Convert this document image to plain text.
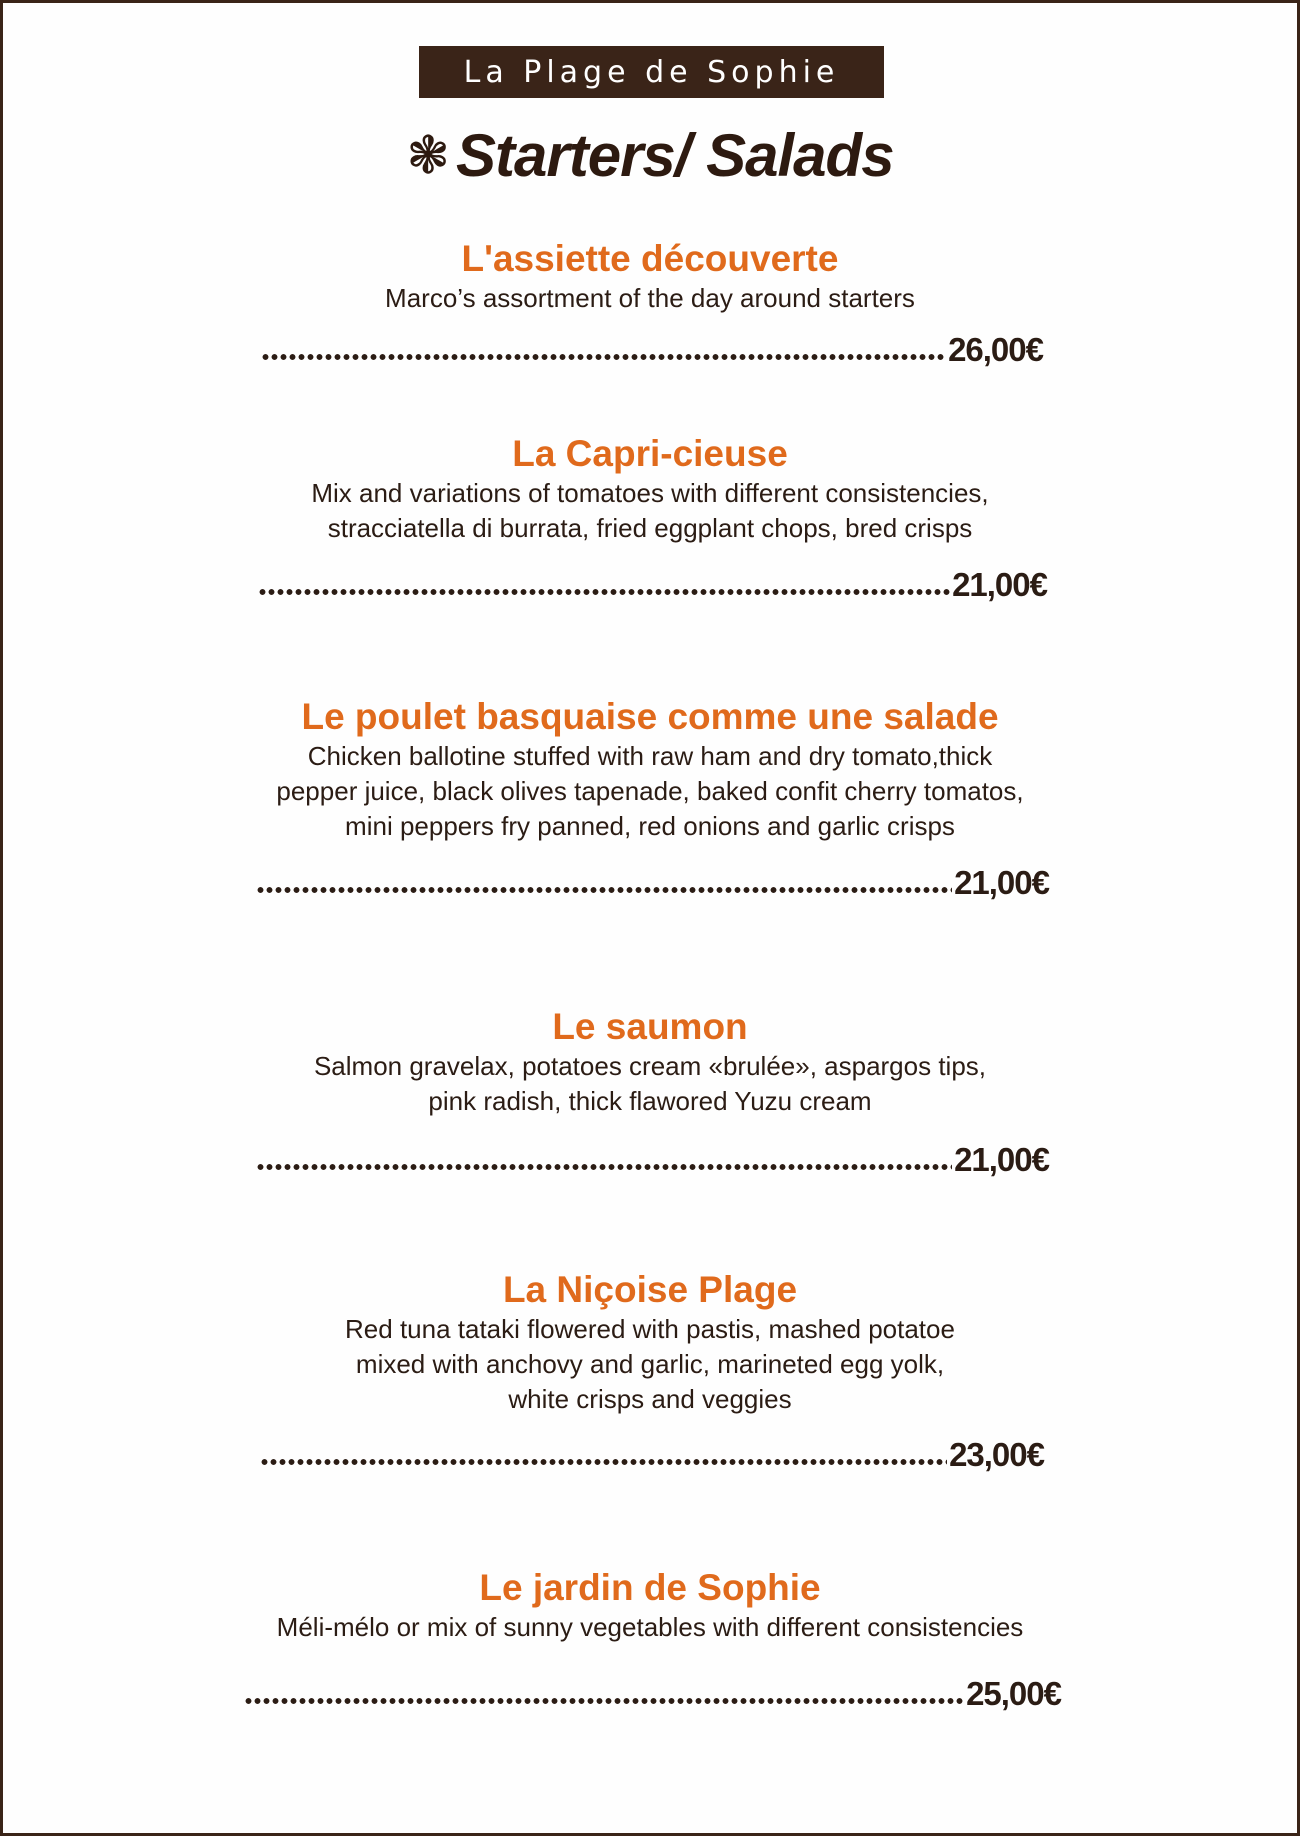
La Plage de Sophie
❃ Starters/ Salads
L'assiette découverte
Marco’s assortment of the day around starters
26,00€
La Capri-cieuse
Mix and variations of tomatoes with different consistencies,
stracciatella di burrata, fried eggplant chops, bred crisps
21,00€
Le poulet basquaise comme une salade
Chicken ballotine stuffed with raw ham and dry tomato,thick
pepper juice, black olives tapenade, baked confit cherry tomatos,
mini peppers fry panned, red onions and garlic crisps
21,00€
Le saumon
Salmon gravelax, potatoes cream «brulée», aspargos tips,
pink radish, thick flawored Yuzu cream
21,00€
La Niçoise Plage
Red tuna tataki flowered with pastis, mashed potatoe
mixed with anchovy and garlic, marineted egg yolk,
white crisps and veggies
23,00€
Le jardin de Sophie
Méli-mélo or mix of sunny vegetables with different consistencies
25,00€
